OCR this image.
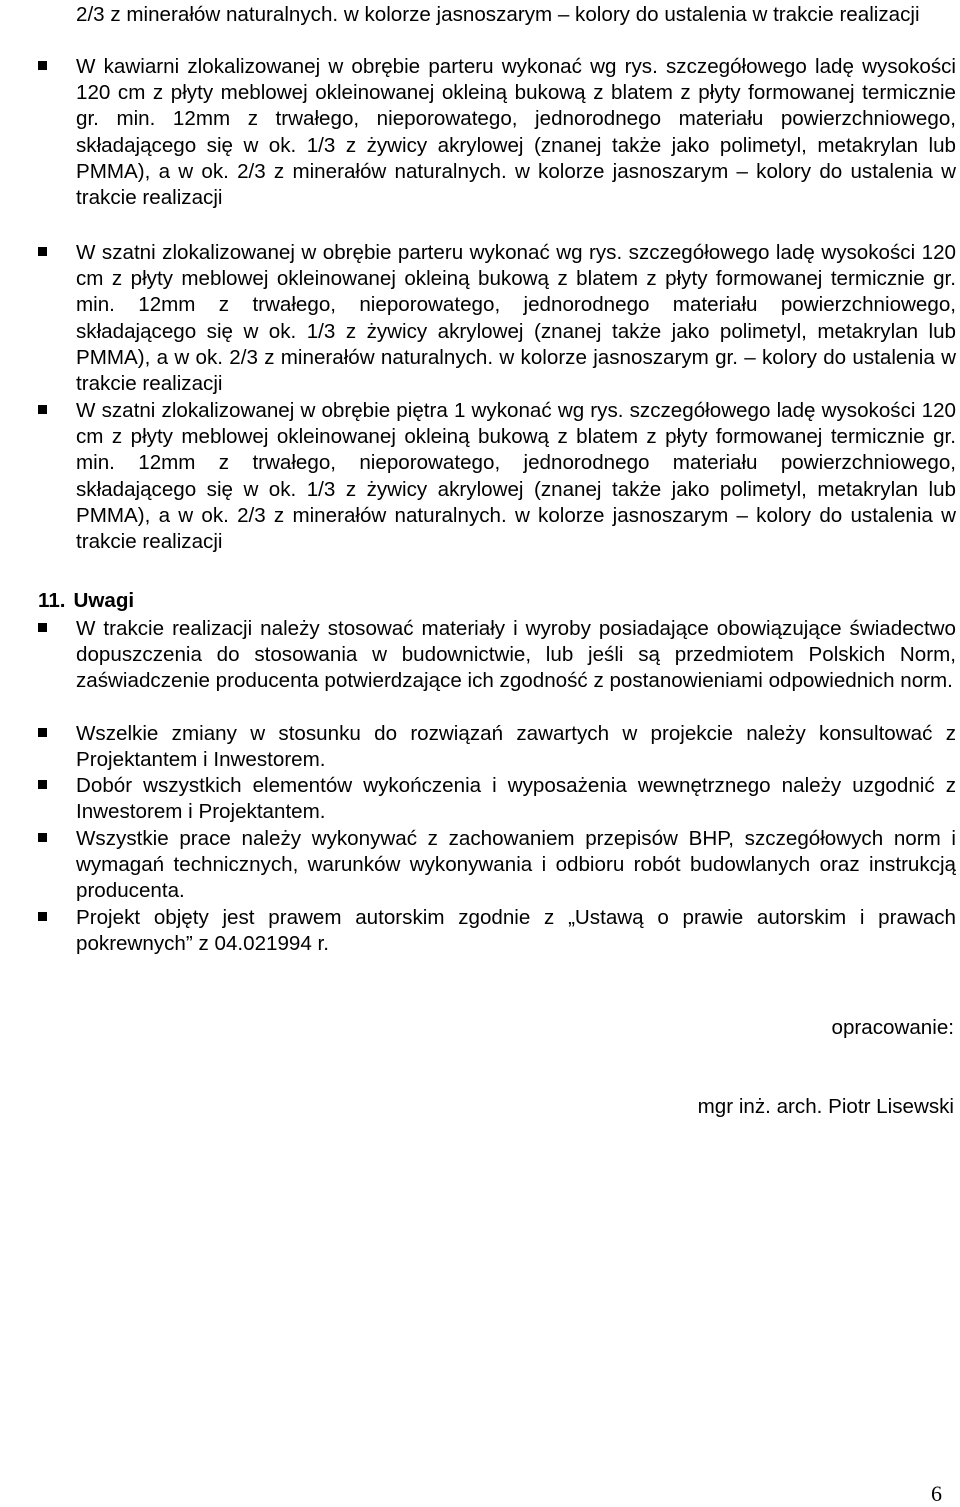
2/3 z minerałów naturalnych. w kolorze jasnoszarym – kolory do ustalenia w trakcie realizacji

W kawiarni zlokalizowanej w obrębie parteru wykonać wg rys. szczegółowego ladę wysokości 120 cm z płyty meblowej okleinowanej okleiną bukową z blatem z płyty formowanej termicznie gr. min. 12mm z trwałego, nieporowatego, jednorodnego materiału powierzchniowego, składającego się w ok. 1/3 z żywicy akrylowej (znanej także jako polimetyl, metakrylan lub PMMA), a w ok. 2/3 z minerałów naturalnych. w kolorze jasnoszarym – kolory do ustalenia w trakcie realizacji

W szatni zlokalizowanej w obrębie parteru wykonać wg rys. szczegółowego ladę wysokości 120 cm z płyty meblowej okleinowanej okleiną bukową z blatem z płyty formowanej termicznie gr. min. 12mm z trwałego, nieporowatego, jednorodnego materiału powierzchniowego, składającego się w ok. 1/3 z żywicy akrylowej (znanej także jako polimetyl, metakrylan lub PMMA), a w ok. 2/3 z minerałów naturalnych. w kolorze jasnoszarym gr. – kolory do ustalenia w trakcie realizacji

W szatni zlokalizowanej w obrębie piętra 1 wykonać wg rys. szczegółowego ladę wysokości 120 cm z płyty meblowej okleinowanej okleiną bukową z blatem z płyty formowanej termicznie gr. min. 12mm z trwałego, nieporowatego, jednorodnego materiału powierzchniowego, składającego się w ok. 1/3 z żywicy akrylowej (znanej także jako polimetyl, metakrylan lub PMMA), a w ok. 2/3 z minerałów naturalnych. w kolorze jasnoszarym – kolory do ustalenia w trakcie realizacji

11. Uwagi

W trakcie realizacji należy stosować materiały i wyroby posiadające obowiązujące świadectwo dopuszczenia do stosowania w budownictwie, lub jeśli są przedmiotem Polskich Norm, zaświadczenie producenta potwierdzające ich zgodność z postanowieniami odpowiednich norm.

Wszelkie zmiany w stosunku do rozwiązań zawartych w projekcie należy konsultować z Projektantem i Inwestorem.

Dobór wszystkich elementów wykończenia i wyposażenia wewnętrznego należy uzgodnić z Inwestorem i Projektantem.

Wszystkie prace należy wykonywać z zachowaniem przepisów BHP, szczegółowych norm i wymagań technicznych, warunków wykonywania i odbioru robót budowlanych oraz instrukcją producenta.

Projekt objęty jest prawem autorskim zgodnie z „Ustawą o prawie autorskim i prawach pokrewnych” z 04.021994 r.

opracowanie:

mgr inż. arch. Piotr Lisewski

6
